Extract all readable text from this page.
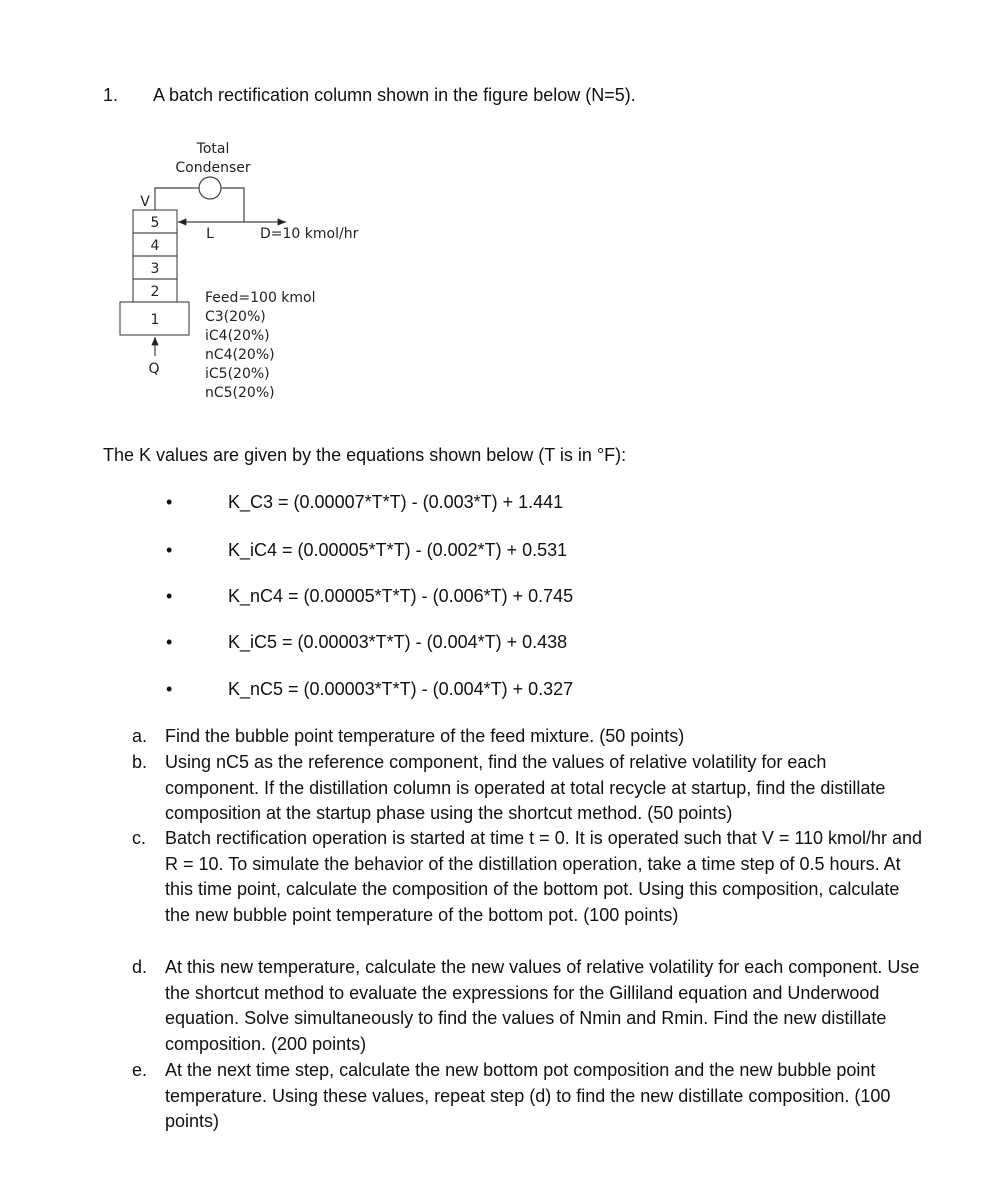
1. A batch rectification column shown in the figure below (N=5).
Total
Condenser
V
L	D=10 kmol/hr
5
4
3
2
1
Q
Feed=100 kmol
C3(20%)
iC4(20%)
nC4(20%)
iC5(20%)
nC5(20%)
The K values are given by the equations shown below (T is in °F):
•	K_C3 = (0.00007*T*T) - (0.003*T) + 1.441
•	K_iC4 = (0.00005*T*T) - (0.002*T) + 0.531
•	K_nC4 = (0.00005*T*T) - (0.006*T) + 0.745
•	K_iC5 = (0.00003*T*T) - (0.004*T) + 0.438
•	K_nC5 = (0.00003*T*T) - (0.004*T) + 0.327
a. Find the bubble point temperature of the feed mixture. (50 points)
b. Using nC5 as the reference component, find the values of relative volatility for each component. If the distillation column is operated at total recycle at startup, find the distillate composition at the startup phase using the shortcut method. (50 points)
c. Batch rectification operation is started at time t = 0. It is operated such that V = 110 kmol/hr and R = 10. To simulate the behavior of the distillation operation, take a time step of 0.5 hours. At this time point, calculate the composition of the bottom pot. Using this composition, calculate the new bubble point temperature of the bottom pot. (100 points)
d. At this new temperature, calculate the new values of relative volatility for each component. Use the shortcut method to evaluate the expressions for the Gilliland equation and Underwood equation. Solve simultaneously to find the values of Nmin and Rmin. Find the new distillate composition. (200 points)
e. At the next time step, calculate the new bottom pot composition and the new bubble point temperature. Using these values, repeat step (d) to find the new distillate composition. (100 points)
